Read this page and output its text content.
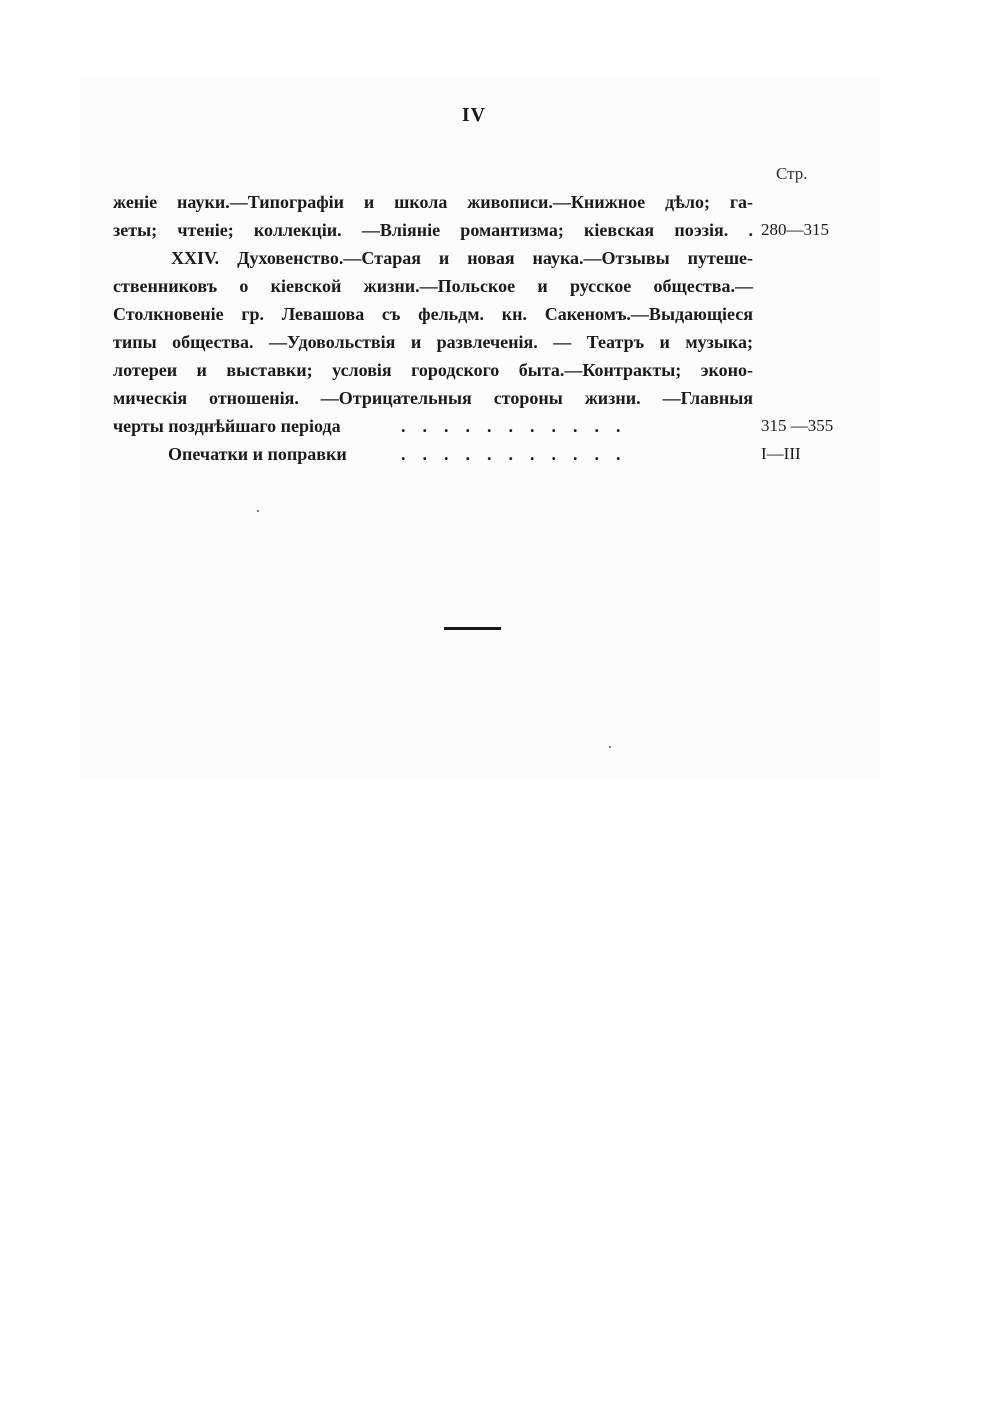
IV
Стр.
женіе науки.—Типографіи и школа живописи.—Книжное дѣло; га-
зеты; чтеніе; коллекціи. —Вліяніе романтизма; кіевская поэзія. . 280—315
XXIV. Духовенство.—Старая и новая наука.—Отзывы путеше-
ственниковъ о кіевской жизни.—Польское и русское общества.—
Столкновеніе гр. Левашова съ фельдм. кн. Сакеномъ.—Выдающіеся
типы общества. —Удовольствія и развлеченія. — Театръ и музыка;
лотереи и выставки; условія городского быта.—Контракты; эконо-
мическія отношенія. —Отрицательныя стороны жизни. —Главныя
черты позднѣйшаго періода	...........	315 —355
Опечатки и поправки	...........	I—III
